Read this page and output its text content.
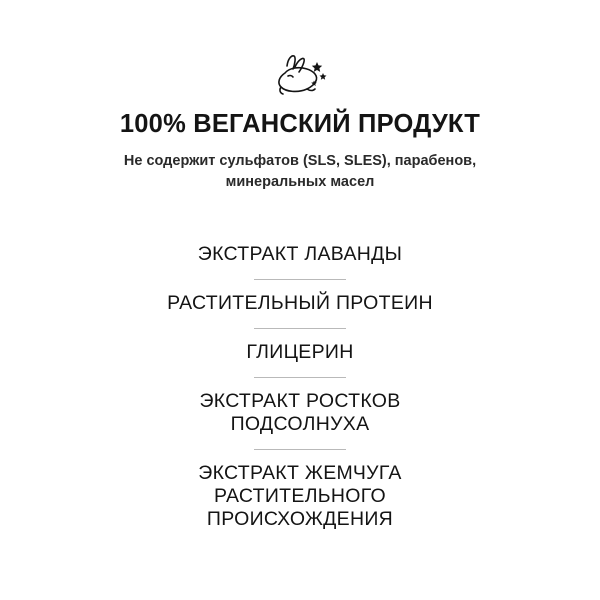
100% ВЕГАНСКИЙ ПРОДУКТ

Не содержит сульфатов (SLS, SLES), парабенов, минеральных масел

ЭКСТРАКТ ЛАВАНДЫ
РАСТИТЕЛЬНЫЙ ПРОТЕИН
ГЛИЦЕРИН
ЭКСТРАКТ РОСТКОВ ПОДСОЛНУХА
ЭКСТРАКТ ЖЕМЧУГА РАСТИТЕЛЬНОГО ПРОИСХОЖДЕНИЯ
